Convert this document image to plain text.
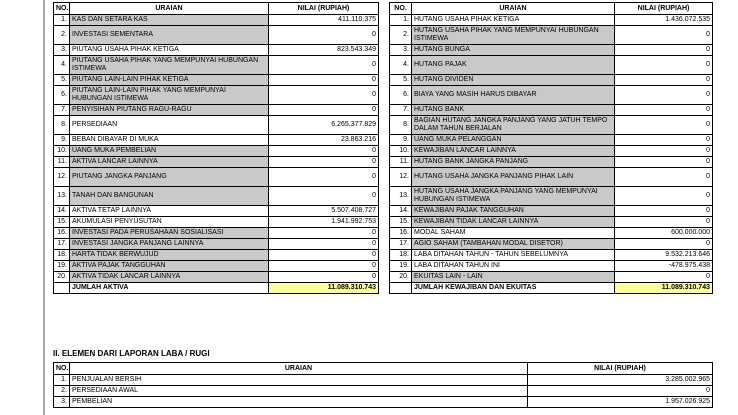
NO.	URAIAN	NILAI (RUPIAH)
1.	KAS DAN SETARA KAS	411.110.375
2.	INVESTASI SEMENTARA	0
3.	PIUTANG USAHA PIHAK KETIGA	823.543.349
4.	PIUTANG USAHA PIHAK YANG MEMPUNYAI HUBUNGAN ISTIMEWA	0
5.	PIUTANG LAIN-LAIN PIHAK KETIGA	0
6.	PIUTANG LAIN-LAIN PIHAK YANG MEMPUNYAI HUBUNGAN ISTIMEWA	0
7.	PENYISIHAN PIUTANG RAGU-RAGU	0
8.	PERSEDIAAN	6.265.377.829
9.	BEBAN DIBAYAR DI MUKA	23.863.216
10.	UANG MUKA PEMBELIAN	0
11.	AKTIVA LANCAR LAINNYA	0
12.	PIUTANG JANGKA PANJANG	0
13.	TANAH DAN BANGUNAN	0
14.	AKTIVA TETAP LAINNYA	5.507.408.727
15.	AKUMULASI PENYUSUTAN	1.941.992.753
16.	INVESTASI PADA PERUSAHAAN SOSIALISASI	0
17.	INVESTASI JANGKA PANJANG LAINNYA	0
18.	HARTA TIDAK BERWUJUD	0
19.	AKTIVA PAJAK TANGGUHAN	0
20.	AKTIVA TIDAK LANCAR LAINNYA	0
	JUMLAH AKTIVA	11.089.310.743
NO.	URAIAN	NILAI (RUPIAH)
1.	HUTANG USAHA PIHAK KETIGA	1.436.072.535
2.	HUTANG USAHA PIHAK YANG MEMPUNYAI HUBUNGAN ISTIMEWA	0
3.	HUTANG BUNGA	0
4.	HUTANG PAJAK	0
5.	HUTANG DIVIDEN	0
6.	BIAYA YANG MASIH HARUS DIBAYAR	0
7.	HUTANG BANK	0
8.	BAGIAN HUTANG JANGKA PANJANG YANG JATUH TEMPO DALAM TAHUN BERJALAN	0
9.	UANG MUKA PELANGGAN	0
10.	KEWAJIBAN LANCAR LAINNYA	0
11.	HUTANG BANK JANGKA PANJANG	0
12.	HUTANG USAHA JANGKA PANJANG PIHAK LAIN	0
13.	HUTANG USAHA JANGKA PANJANG YANG MEMPUNYAI HUBUNGAN ISTIMEWA	0
14.	KEWAJIBAN PAJAK TANGGUHAN	0
15.	KEWAJIBAN TIDAK LANCAR LAINNYA	0
16.	MODAL SAHAM	600.000.000
17.	AGIO SAHAM (TAMBAHAN MODAL DISETOR)	0
18.	LABA DITAHAN TAHUN - TAHUN SEBELUMNYA	9.532.213.646
19.	LABA DITAHAN TAHUN INI	-478.975.438
20.	EKUITAS LAIN - LAIN	0
	JUMLAH KEWAJIBAN DAN EKUITAS	11.089.310.743
II. ELEMEN DARI LAPORAN LABA / RUGI
NO.	URAIAN	NILAI (RUPIAH)
1.	PENJUALAN BERSIH	3.285.002.965
2.	PERSEDIAAN AWAL	0
3.	PEMBELIAN	1.957.026.925
